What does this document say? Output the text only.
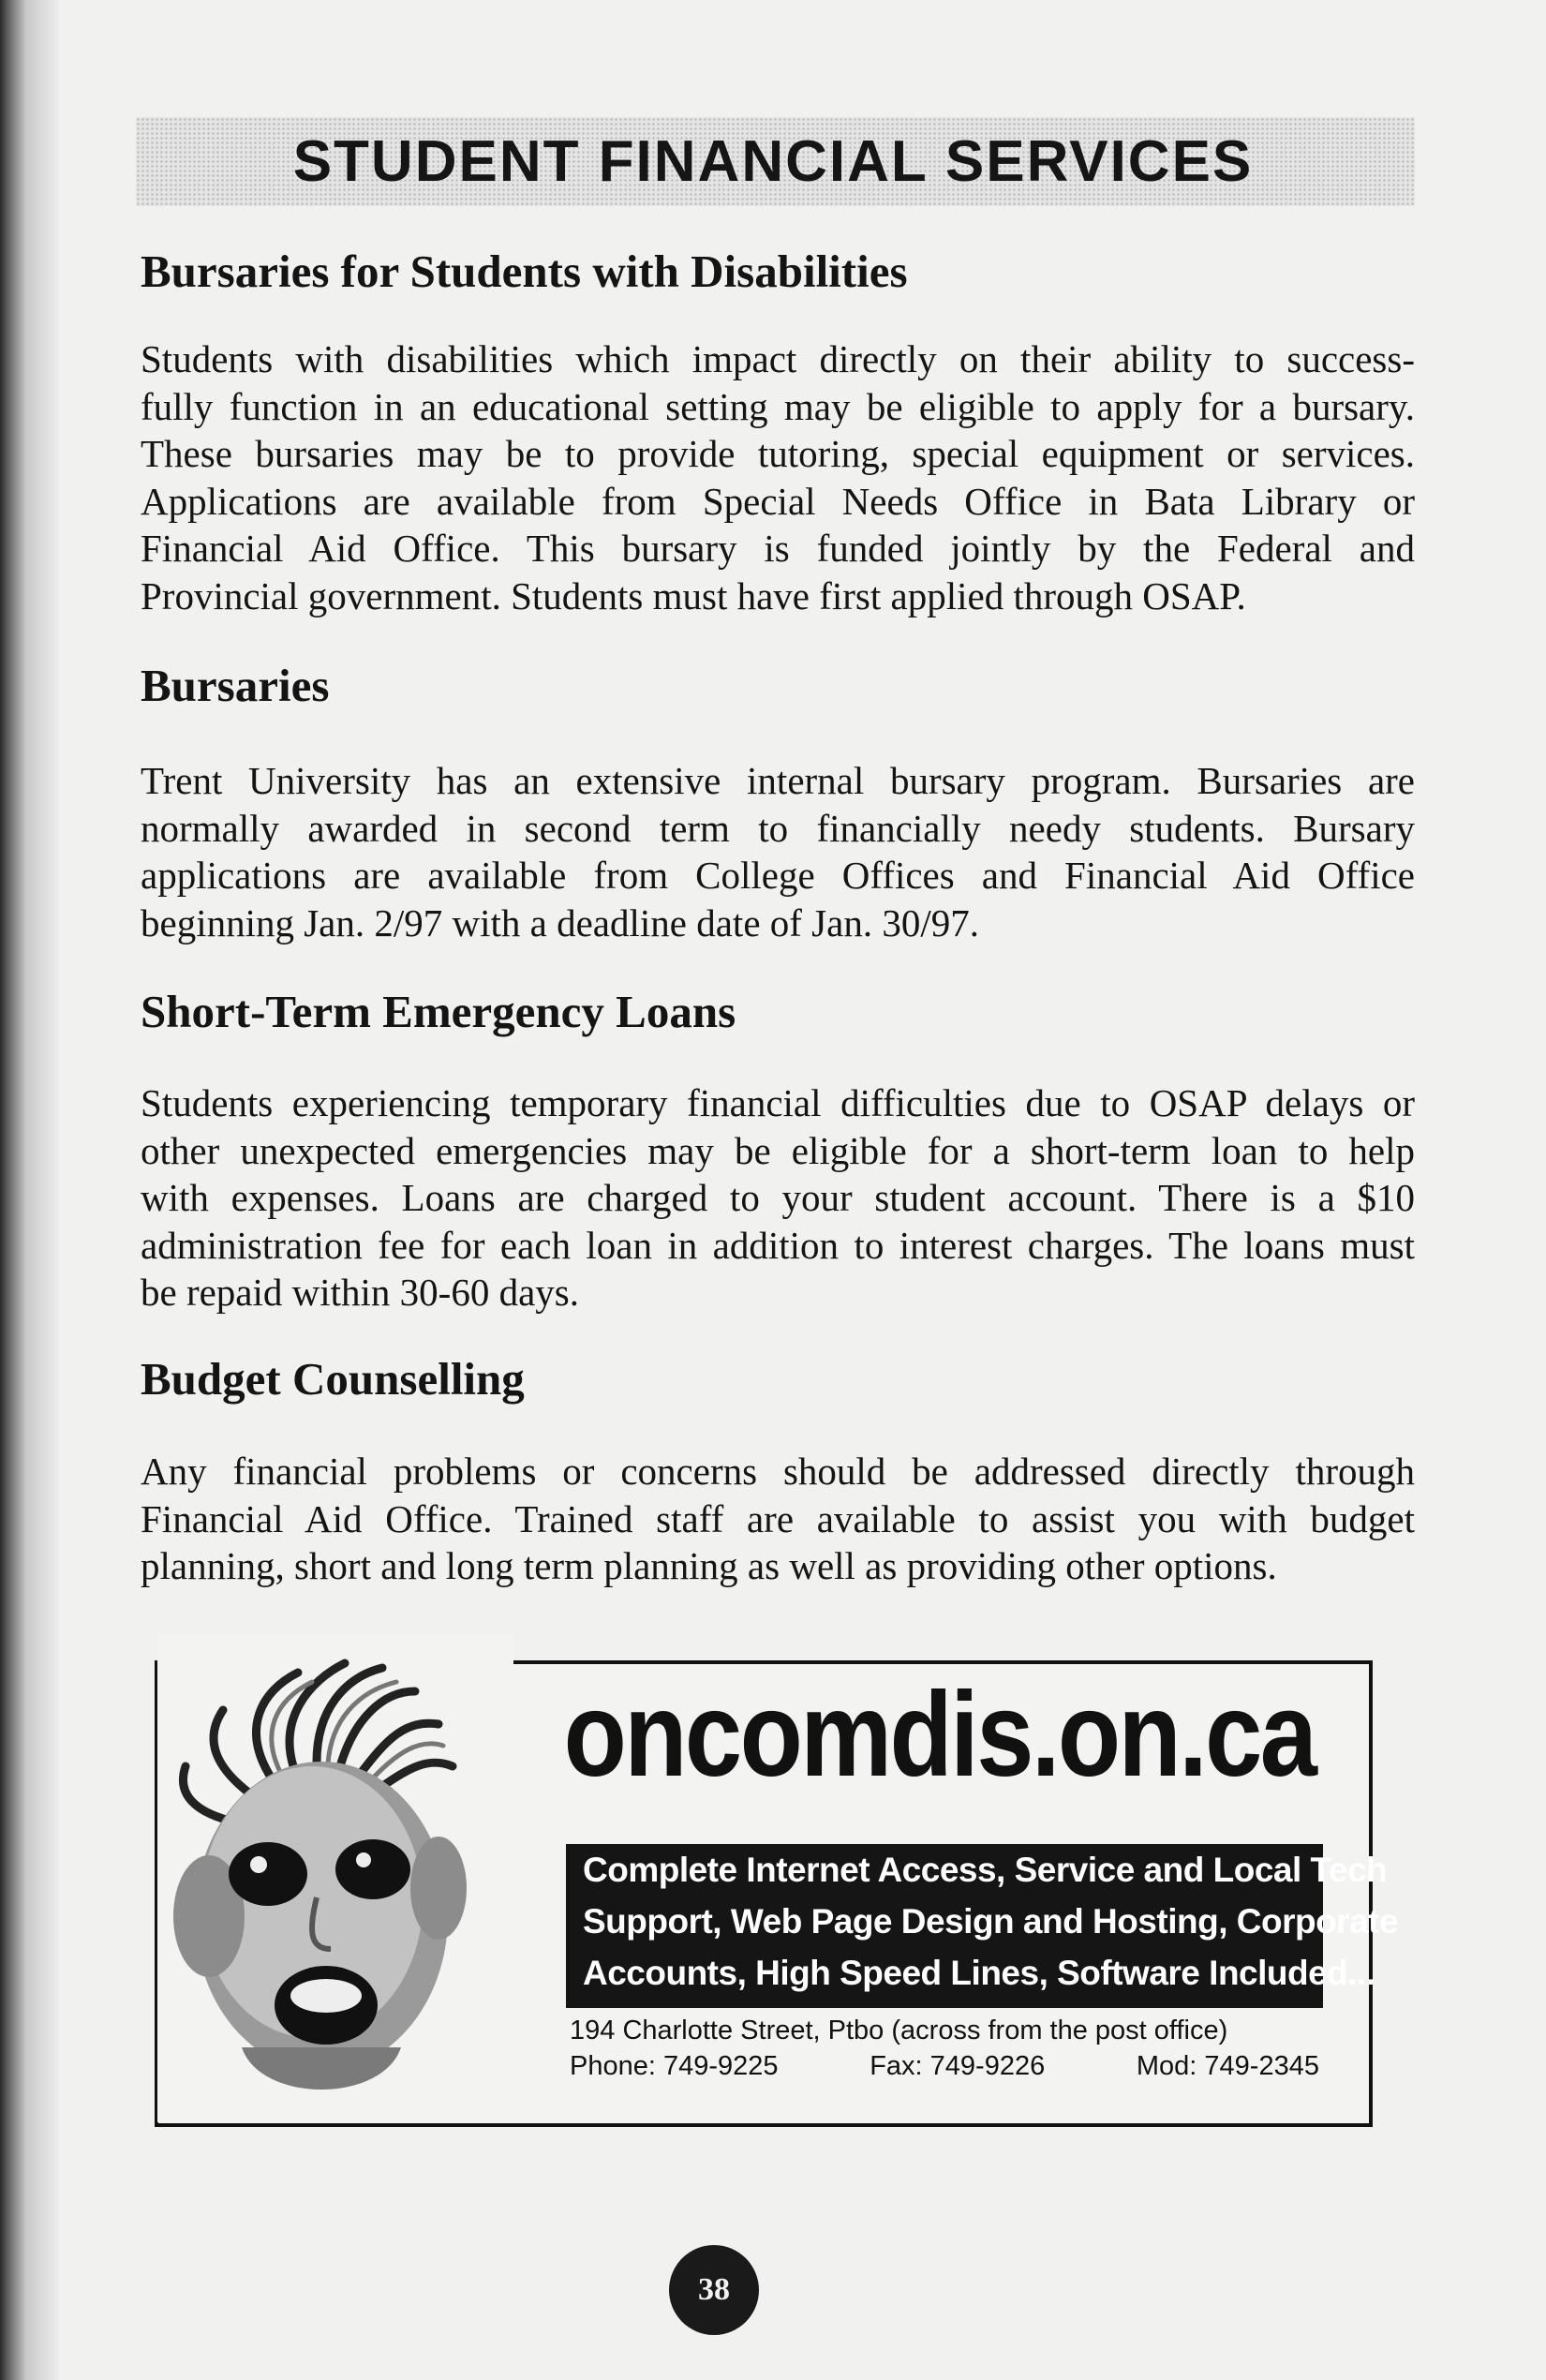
STUDENT FINANCIAL SERVICES
Bursaries for Students with Disabilities
Students with disabilities which impact directly on their ability to success-
fully function in an educational setting may be eligible to apply for a bursary.
These bursaries may be to provide tutoring, special equipment or services.
Applications are available from Special Needs Office in Bata Library or
Financial Aid Office. This bursary is funded jointly by the Federal and
Provincial government. Students must have first applied through OSAP.
Bursaries
Trent University has an extensive internal bursary program. Bursaries are
normally awarded in second term to financially needy students. Bursary
applications are available from College Offices and Financial Aid Office
beginning Jan. 2/97 with a deadline date of Jan. 30/97.
Short-Term Emergency Loans
Students experiencing temporary financial difficulties due to OSAP delays or
other unexpected emergencies may be eligible for a short-term loan to help
with expenses. Loans are charged to your student account. There is a $10
administration fee for each loan in addition to interest charges. The loans must
be repaid within 30-60 days.
Budget Counselling
Any financial problems or concerns should be addressed directly through
Financial Aid Office. Trained staff are available to assist you with budget
planning, short and long term planning as well as providing other options.
oncomdis.on.ca
Complete Internet Access, Service and Local Tech
Support, Web Page Design and Hosting, Corporate
Accounts, High Speed Lines, Software Included...
194 Charlotte Street, Ptbo (across from the post office)
Phone: 749-9225	Fax: 749-9226	Mod: 749-2345
38
